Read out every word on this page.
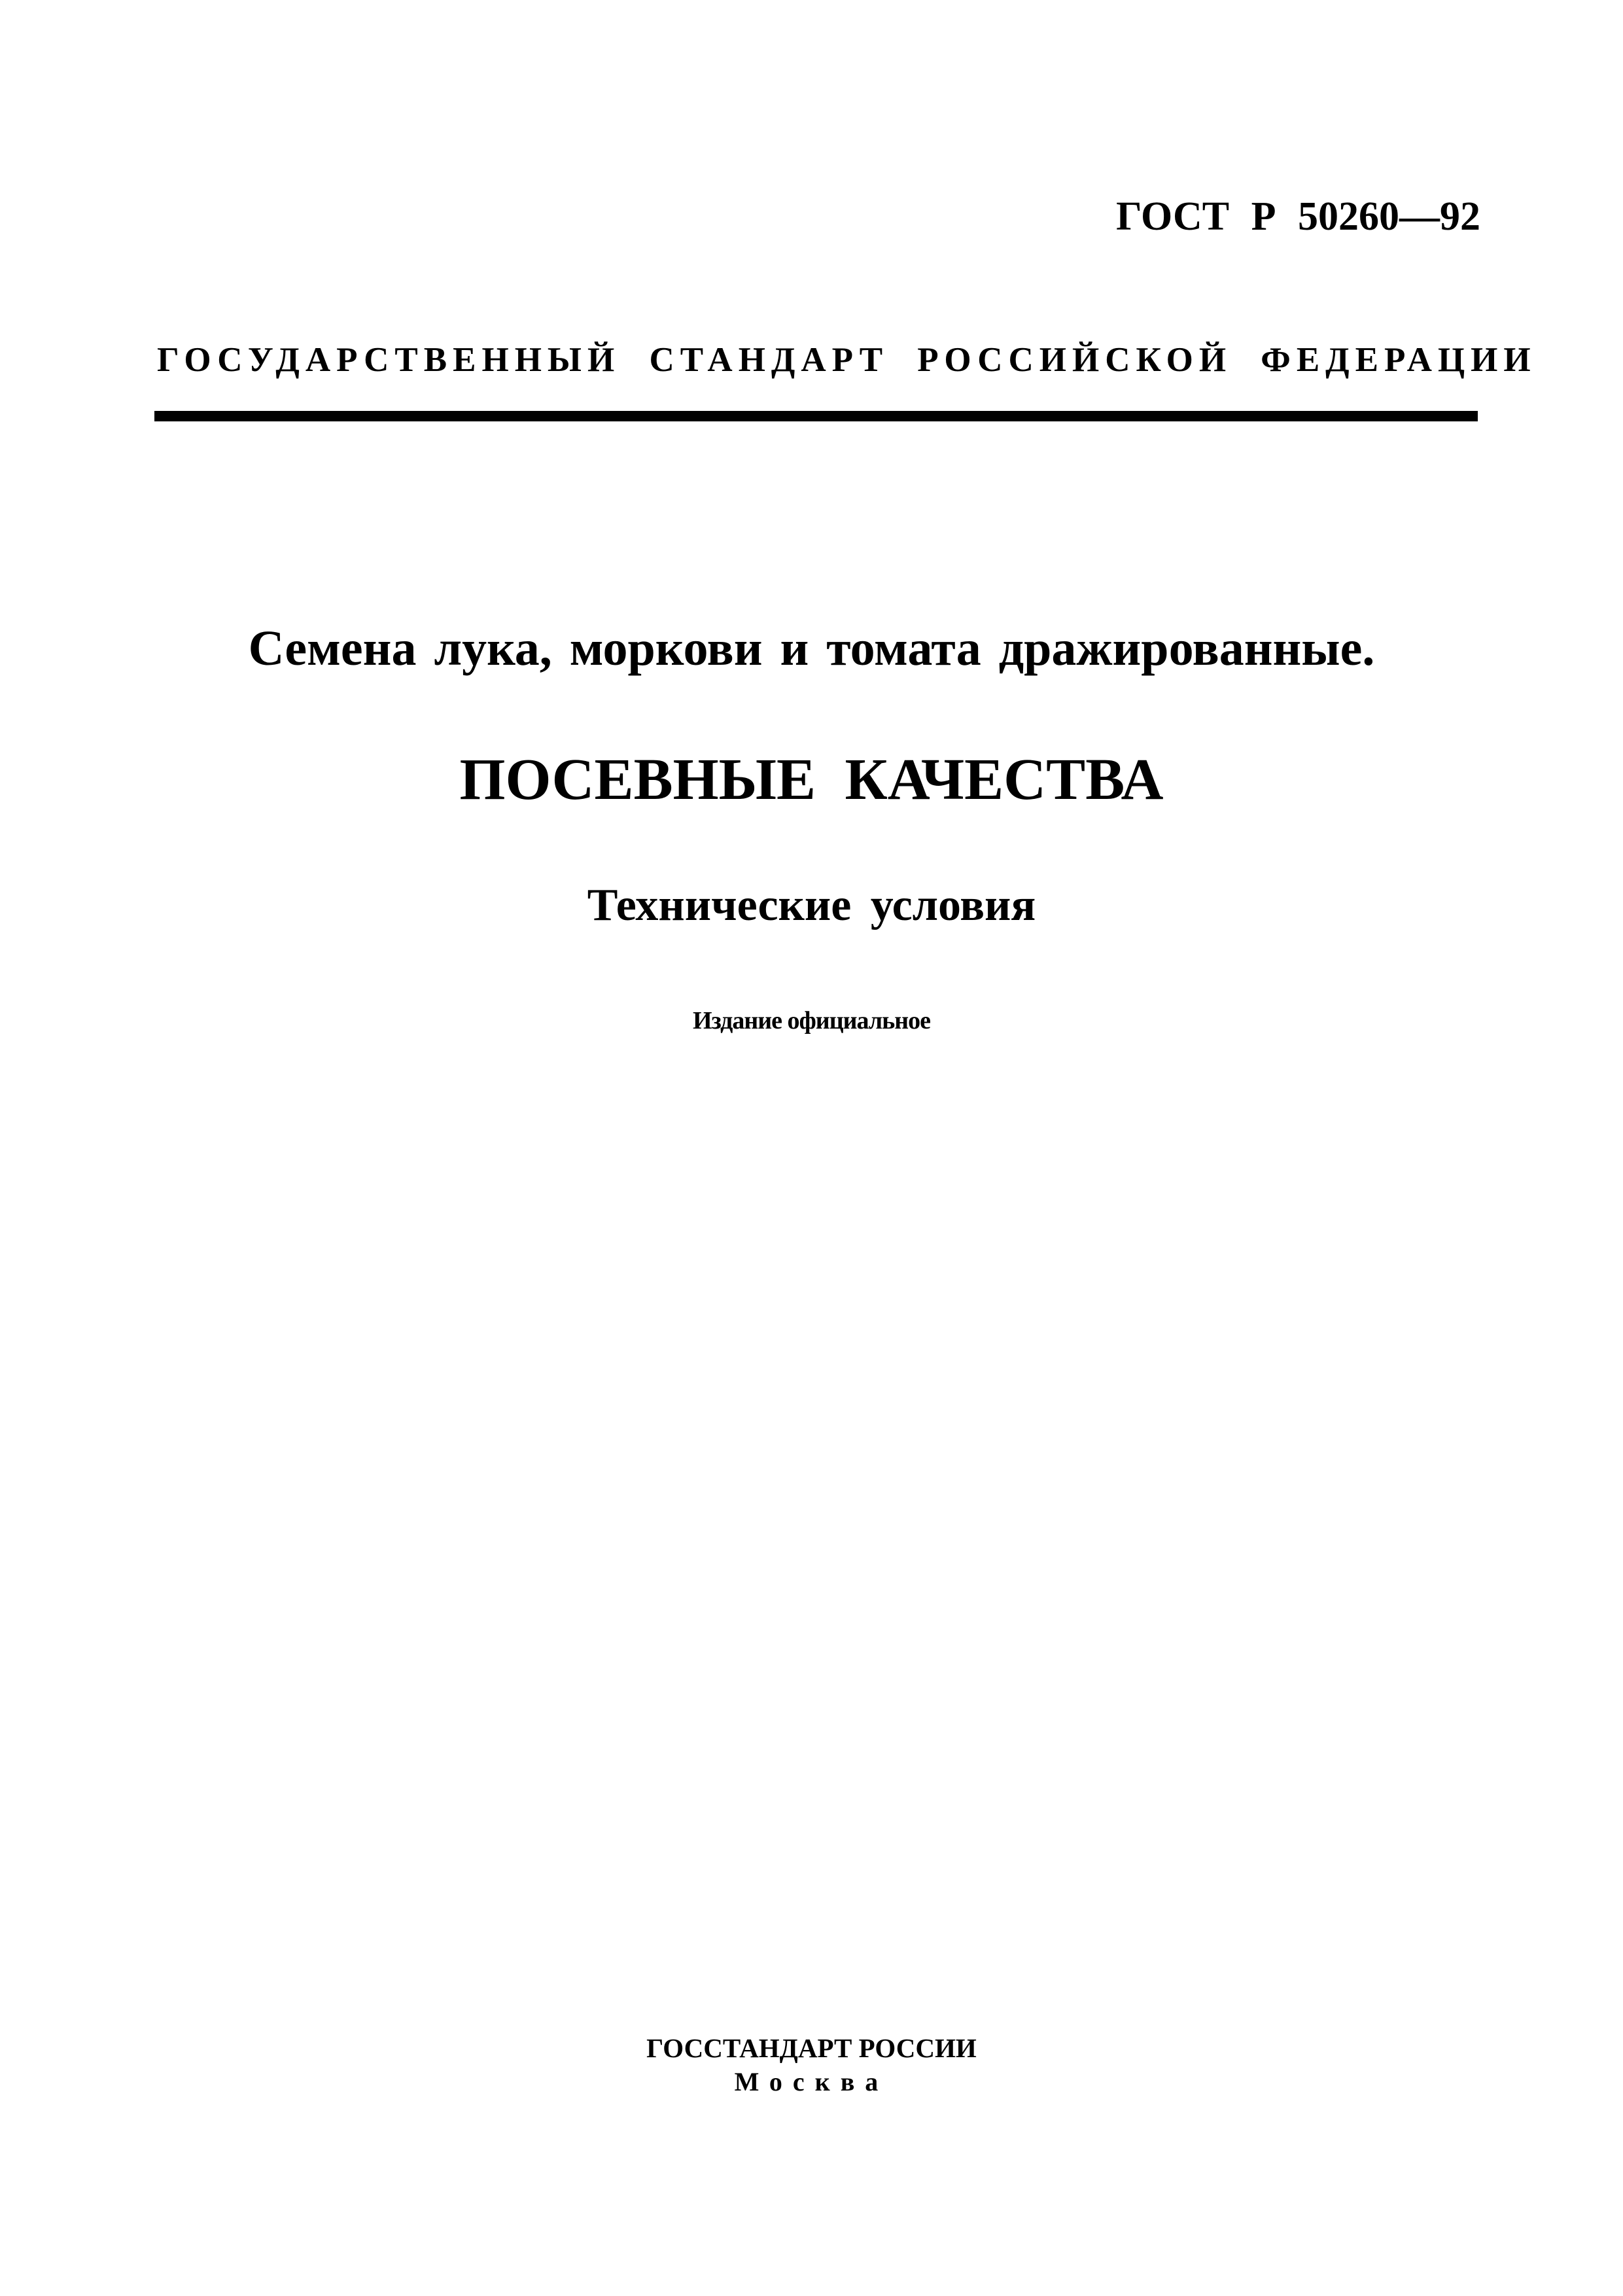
ГОСТ Р 50260—92
ГОСУДАРСТВЕННЫЙ СТАНДАРТ РОССИЙСКОЙ ФЕДЕРАЦИИ
Семена лука, моркови и томата дражированные.
ПОСЕВНЫЕ КАЧЕСТВА
Технические условия
Издание официальное
ГОССТАНДАРТ РОССИИ
Москва
